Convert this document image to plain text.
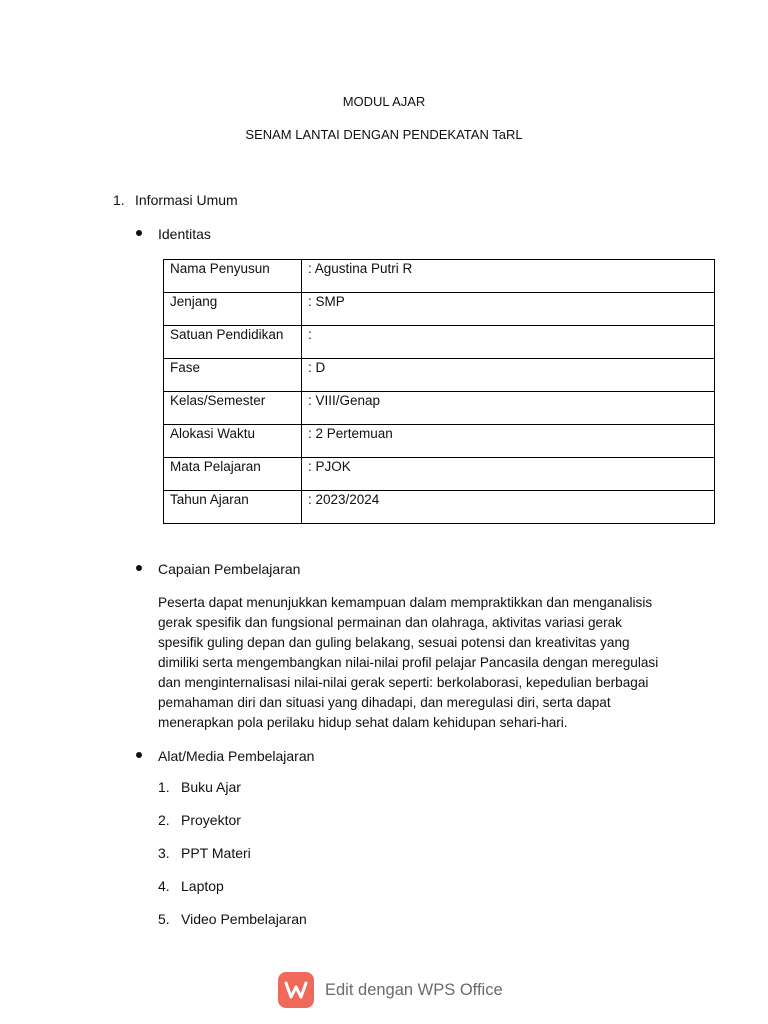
MODUL AJAR
SENAM LANTAI DENGAN PENDEKATAN TaRL
1. Informasi Umum
Identitas
Nama Penyusun	: Agustina Putri R
Jenjang	: SMP
Satuan Pendidikan	:
Fase	: D
Kelas/Semester	: VIII/Genap
Alokasi Waktu	: 2 Pertemuan
Mata Pelajaran	: PJOK
Tahun Ajaran	: 2023/2024
Capaian Pembelajaran
Peserta dapat menunjukkan kemampuan dalam mempraktikkan dan menganalisis
gerak spesifik dan fungsional permainan dan olahraga, aktivitas variasi gerak
spesifik guling depan dan guling belakang, sesuai potensi dan kreativitas yang
dimiliki serta mengembangkan nilai-nilai profil pelajar Pancasila dengan meregulasi
dan menginternalisasi nilai-nilai gerak seperti: berkolaborasi, kepedulian berbagai
pemahaman diri dan situasi yang dihadapi, dan meregulasi diri, serta dapat
menerapkan pola perilaku hidup sehat dalam kehidupan sehari-hari.
Alat/Media Pembelajaran
1. Buku Ajar
2. Proyektor
3. PPT Materi
4. Laptop
5. Video Pembelajaran
Edit dengan WPS Office
